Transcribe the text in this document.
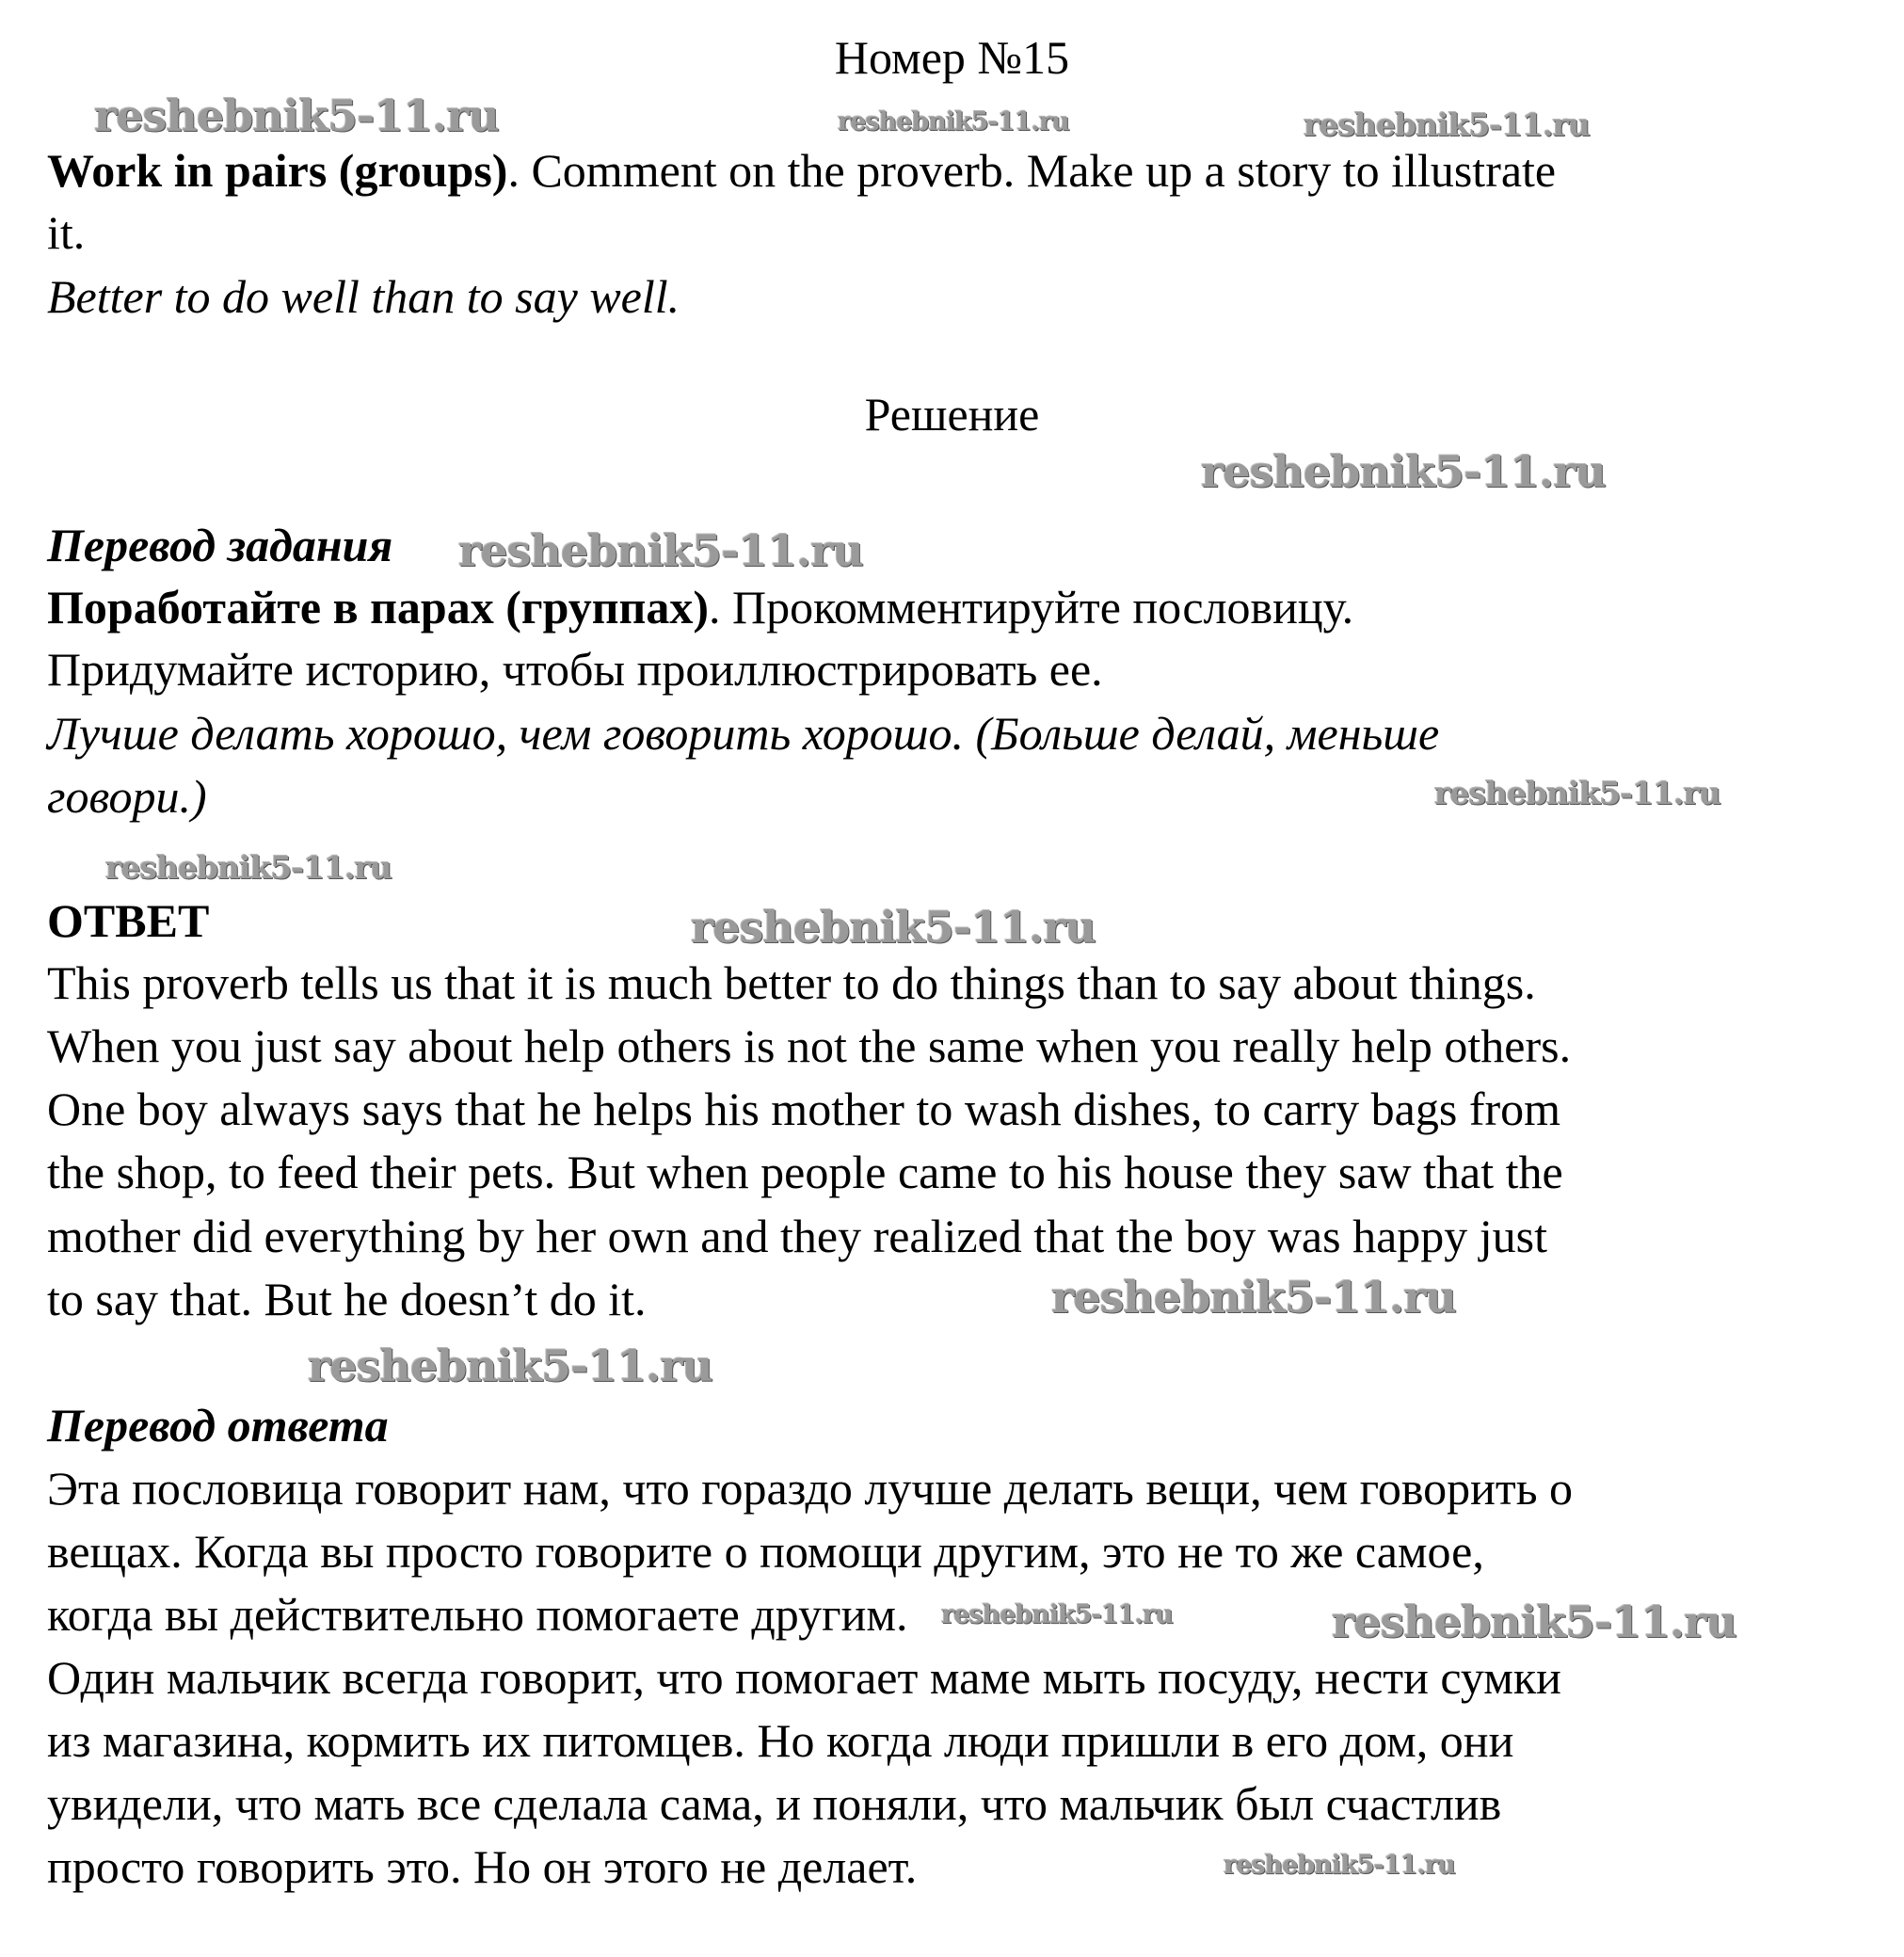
Номер №15
Work in pairs (groups). Comment on the proverb. Make up a story to illustrate
it.
Better to do well than to say well.
Решение
Перевод задания
Поработайте в парах (группах). Прокомментируйте пословицу.
Придумайте историю, чтобы проиллюстрировать ее.
Лучше делать хорошо, чем говорить хорошо. (Больше делай, меньше
говори.)
ОТВЕТ
This proverb tells us that it is much better to do things than to say about things.
When you just say about help others is not the same when you really help others.
One boy always says that he helps his mother to wash dishes, to carry bags from
the shop, to feed their pets. But when people came to his house they saw that the
mother did everything by her own and they realized that the boy was happy just
to say that. But he doesn’t do it.
Перевод ответа
Эта пословица говорит нам, что гораздо лучше делать вещи, чем говорить о
вещах. Когда вы просто говорите о помощи другим, это не то же самое,
когда вы действительно помогаете другим.
Один мальчик всегда говорит, что помогает маме мыть посуду, нести сумки
из магазина, кормить их питомцев. Но когда люди пришли в его дом, они
увидели, что мать все сделала сама, и поняли, что мальчик был счастлив
просто говорить это. Но он этого не делает.
reshebnik5-11.ru	reshebnik5-11.ru	reshebnik5-11.ru
reshebnik5-11.ru
reshebnik5-11.ru
reshebnik5-11.ru
reshebnik5-11.ru
reshebnik5-11.ru
reshebnik5-11.ru
reshebnik5-11.ru
reshebnik5-11.ru
reshebnik5-11.ru
reshebnik5-11.ru
